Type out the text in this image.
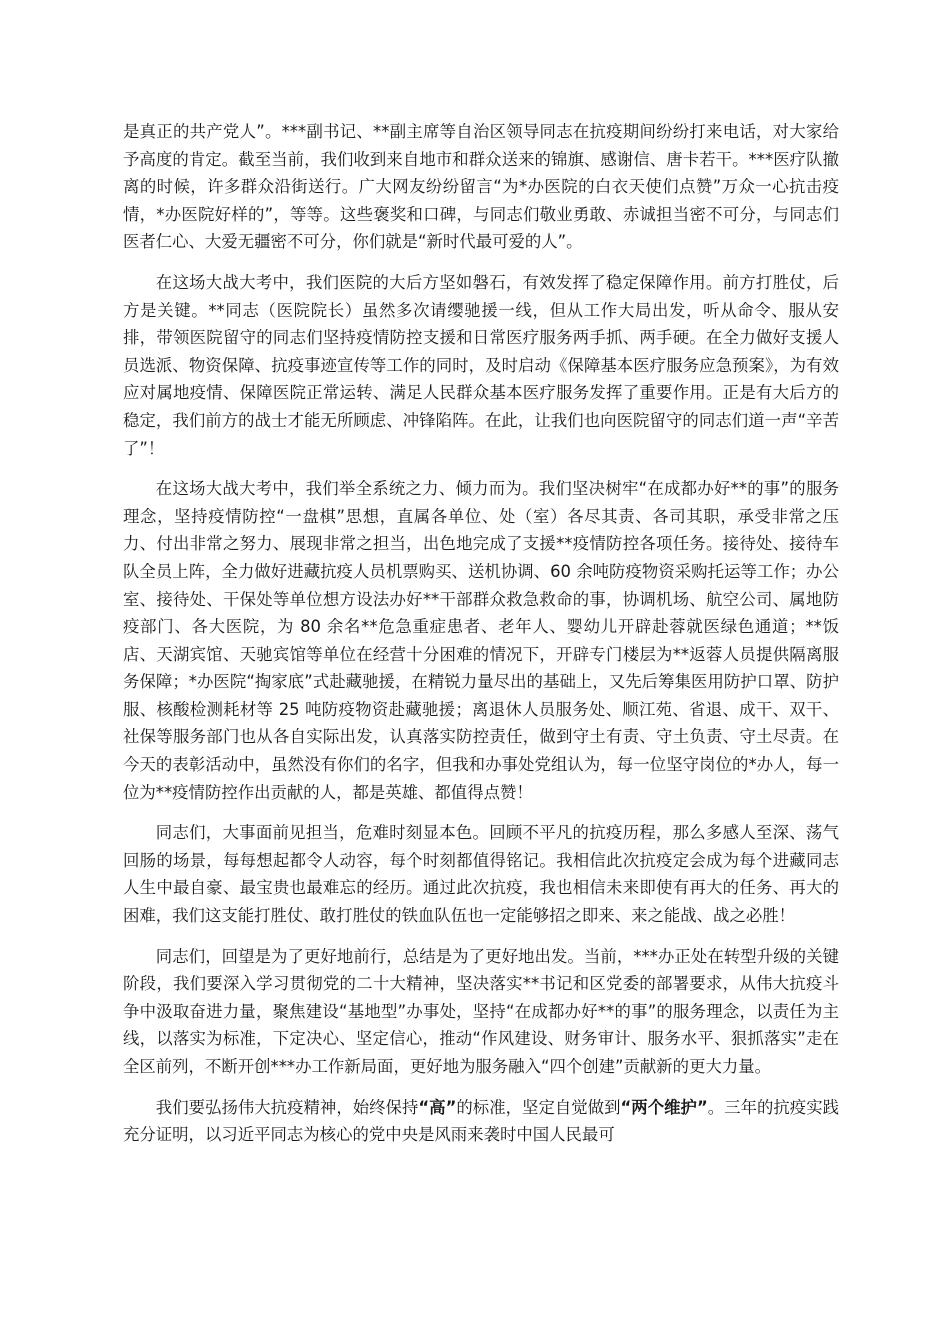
是真正的共产党人”。***副书记、**副主席等自治区领导同志在抗疫期间纷纷打来电话，对大家给予高度的肯定。截至当前，我们收到来自地市和群众送来的锦旗、感谢信、唐卡若干。***医疗队撤离的时候，许多群众沿街送行。广大网友纷纷留言“为*办医院的白衣天使们点赞”万众一心抗击疫情，*办医院好样的”，等等。这些褒奖和口碑，与同志们敬业勇敢、赤诚担当密不可分，与同志们医者仁心、大爱无疆密不可分，你们就是“新时代最可爱的人”。

在这场大战大考中，我们医院的大后方坚如磐石，有效发挥了稳定保障作用。前方打胜仗，后方是关键。**同志（医院院长）虽然多次请缨驰援一线，但从工作大局出发，听从命令、服从安排，带领医院留守的同志们坚持疫情防控支援和日常医疗服务两手抓、两手硬。在全力做好支援人员选派、物资保障、抗疫事迹宣传等工作的同时，及时启动《保障基本医疗服务应急预案》，为有效应对属地疫情、保障医院正常运转、满足人民群众基本医疗服务发挥了重要作用。正是有大后方的稳定，我们前方的战士才能无所顾虑、冲锋陷阵。在此，让我们也向医院留守的同志们道一声“辛苦了”！

在这场大战大考中，我们举全系统之力、倾力而为。我们坚决树牢“在成都办好**的事”的服务理念，坚持疫情防控“一盘棋”思想，直属各单位、处（室）各尽其责、各司其职，承受非常之压力、付出非常之努力、展现非常之担当，出色地完成了支援**疫情防控各项任务。接待处、接待车队全员上阵，全力做好进藏抗疫人员机票购买、送机协调、60 余吨防疫物资采购托运等工作；办公室、接待处、干保处等单位想方设法办好**干部群众救急救命的事，协调机场、航空公司、属地防疫部门、各大医院，为 80 余名**危急重症患者、老年人、婴幼儿开辟赴蓉就医绿色通道；**饭店、天湖宾馆、天驰宾馆等单位在经营十分困难的情况下，开辟专门楼层为**返蓉人员提供隔离服务保障；*办医院“掏家底”式赴藏驰援，在精锐力量尽出的基础上，又先后筹集医用防护口罩、防护服、核酸检测耗材等 25 吨防疫物资赴藏驰援；离退休人员服务处、顺江苑、省退、成干、双干、社保等服务部门也从各自实际出发，认真落实防控责任，做到守土有责、守土负责、守土尽责。在今天的表彰活动中，虽然没有你们的名字，但我和办事处党组认为，每一位坚守岗位的*办人，每一位为**疫情防控作出贡献的人，都是英雄、都值得点赞！

同志们，大事面前见担当，危难时刻显本色。回顾不平凡的抗疫历程，那么多感人至深、荡气回肠的场景，每每想起都令人动容，每个时刻都值得铭记。我相信此次抗疫定会成为每个进藏同志人生中最自豪、最宝贵也最难忘的经历。通过此次抗疫，我也相信未来即使有再大的任务、再大的困难，我们这支能打胜仗、敢打胜仗的铁血队伍也一定能够招之即来、来之能战、战之必胜！

同志们，回望是为了更好地前行，总结是为了更好地出发。当前，***办正处在转型升级的关键阶段，我们要深入学习贯彻党的二十大精神，坚决落实**书记和区党委的部署要求，从伟大抗疫斗争中汲取奋进力量，聚焦建设“基地型”办事处，坚持“在成都办好**的事”的服务理念，以责任为主线，以落实为标准，下定决心、坚定信心，推动“作风建设、财务审计、服务水平、狠抓落实”走在全区前列，不断开创***办工作新局面，更好地为服务融入“四个创建”贡献新的更大力量。

我们要弘扬伟大抗疫精神，始终保持“高”的标准，坚定自觉做到“两个维护”。三年的抗疫实践充分证明，以习近平同志为核心的党中央是风雨来袭时中国人民最可
